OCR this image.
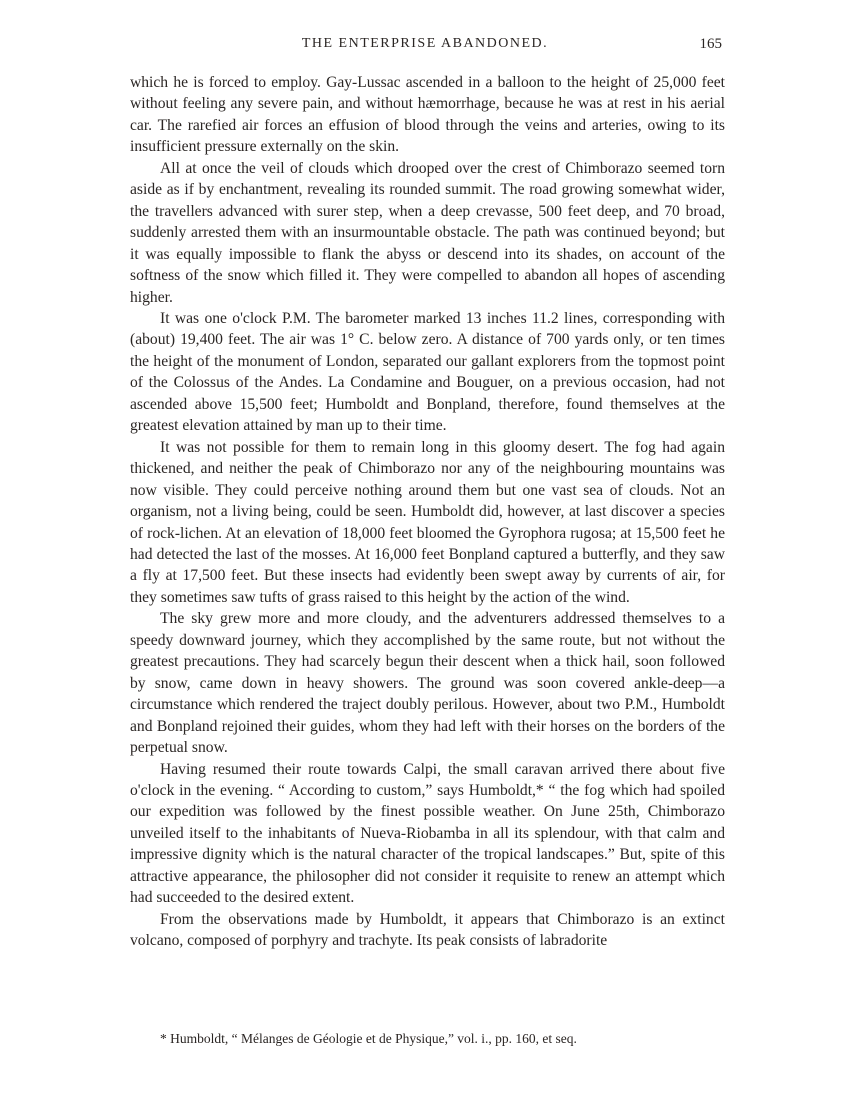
THE ENTERPRISE ABANDONED.	165

which he is forced to employ. Gay-Lussac ascended in a balloon to the height of 25,000 feet without feeling any severe pain, and without hæmorrhage, because he was at rest in his aerial car. The rarefied air forces an effusion of blood through the veins and arteries, owing to its insufficient pressure externally on the skin.

All at once the veil of clouds which drooped over the crest of Chimborazo seemed torn aside as if by enchantment, revealing its rounded summit. The road growing somewhat wider, the travellers advanced with surer step, when a deep crevasse, 500 feet deep, and 70 broad, suddenly arrested them with an insurmountable obstacle. The path was continued beyond; but it was equally impossible to flank the abyss or descend into its shades, on account of the softness of the snow which filled it. They were compelled to abandon all hopes of ascending higher.

It was one o'clock P.M. The barometer marked 13 inches 11.2 lines, corresponding with (about) 19,400 feet. The air was 1° C. below zero. A distance of 700 yards only, or ten times the height of the monument of London, separated our gallant explorers from the topmost point of the Colossus of the Andes. La Condamine and Bouguer, on a previous occasion, had not ascended above 15,500 feet; Humboldt and Bonpland, therefore, found themselves at the greatest elevation attained by man up to their time.

It was not possible for them to remain long in this gloomy desert. The fog had again thickened, and neither the peak of Chimborazo nor any of the neighbouring mountains was now visible. They could perceive nothing around them but one vast sea of clouds. Not an organism, not a living being, could be seen. Humboldt did, however, at last discover a species of rock-lichen. At an elevation of 18,000 feet bloomed the Gyrophora rugosa; at 15,500 feet he had detected the last of the mosses. At 16,000 feet Bonpland captured a butterfly, and they saw a fly at 17,500 feet. But these insects had evidently been swept away by currents of air, for they sometimes saw tufts of grass raised to this height by the action of the wind.

The sky grew more and more cloudy, and the adventurers addressed themselves to a speedy downward journey, which they accomplished by the same route, but not without the greatest precautions. They had scarcely begun their descent when a thick hail, soon followed by snow, came down in heavy showers. The ground was soon covered ankle-deep—a circumstance which rendered the traject doubly perilous. However, about two P.M., Humboldt and Bonpland rejoined their guides, whom they had left with their horses on the borders of the perpetual snow.

Having resumed their route towards Calpi, the small caravan arrived there about five o'clock in the evening. “ According to custom,” says Humboldt,* “ the fog which had spoiled our expedition was followed by the finest possible weather. On June 25th, Chimborazo unveiled itself to the inhabitants of Nueva-Riobamba in all its splendour, with that calm and impressive dignity which is the natural character of the tropical landscapes.” But, spite of this attractive appearance, the philosopher did not consider it requisite to renew an attempt which had succeeded to the desired extent.

From the observations made by Humboldt, it appears that Chimborazo is an extinct volcano, composed of porphyry and trachyte. Its peak consists of labradorite

* Humboldt, “ Mélanges de Géologie et de Physique,” vol. i., pp. 160, et seq.
